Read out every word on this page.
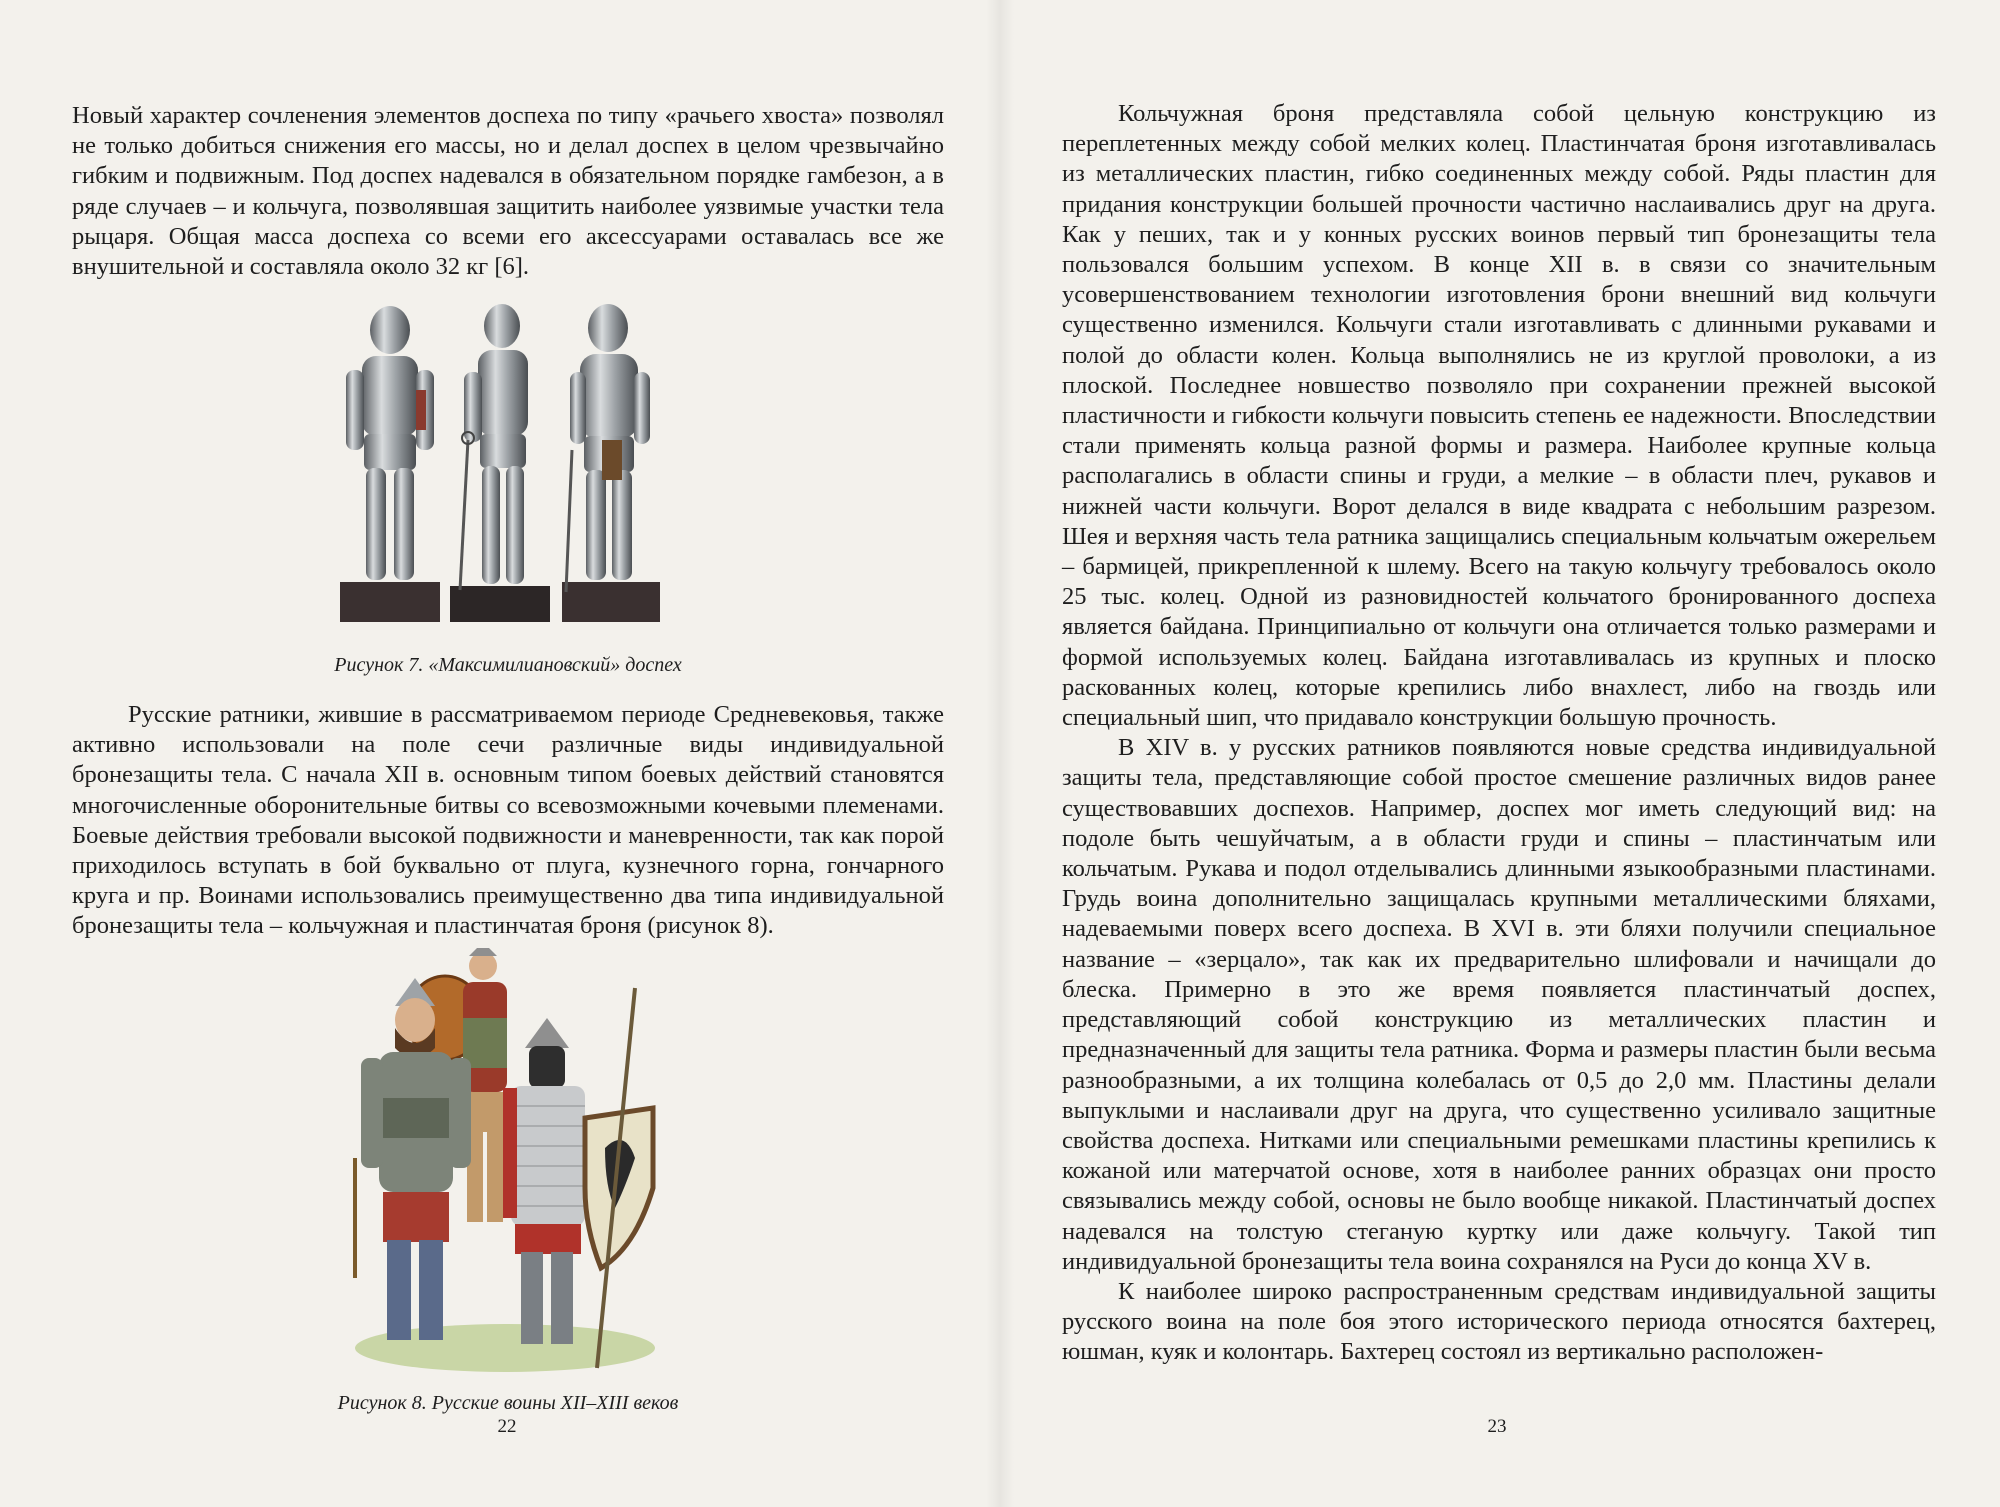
Новый характер сочленения элементов доспеха по типу «рачьего хвоста» позволял не только добиться снижения его массы, но и делал доспех в целом чрезвычайно гибким и подвижным. Под доспех надевался в обязательном порядке гамбезон, а в ряде случаев – и кольчуга, позволявшая защитить наиболее уязвимые участки тела рыцаря. Общая масса доспеха со всеми его аксессуарами оставалась все же внушительной и составляла около 32 кг [6].

Рисунок 7. «Максимилиановский» доспех

Русские ратники, жившие в рассматриваемом периоде Средневековья, также активно использовали на поле сечи различные виды индивидуальной бронезащиты тела. С начала XII в. основным типом боевых действий становятся многочисленные оборонительные битвы со всевозможными кочевыми племенами. Боевые действия требовали высокой подвижности и маневренности, так как порой приходилось вступать в бой буквально от плуга, кузнечного горна, гончарного круга и пр. Воинами использовались преимущественно два типа индивидуальной бронезащиты тела – кольчужная и пластинчатая броня (рисунок 8).

Рисунок 8. Русские воины XII–XIII веков

22

Кольчужная броня представляла собой цельную конструкцию из переплетенных между собой мелких колец. Пластинчатая броня изготавливалась из металлических пластин, гибко соединенных между собой. Ряды пластин для придания конструкции большей прочности частично наслаивались друг на друга. Как у пеших, так и у конных русских воинов первый тип бронезащиты тела пользовался большим успехом. В конце XII в. в связи со значительным усовершенствованием технологии изготовления брони внешний вид кольчуги существенно изменился. Кольчуги стали изготавливать с длинными рукавами и полой до области колен. Кольца выполнялись не из круглой проволоки, а из плоской. Последнее новшество позволяло при сохранении прежней высокой пластичности и гибкости кольчуги повысить степень ее надежности. Впоследствии стали применять кольца разной формы и размера. Наиболее крупные кольца располагались в области спины и груди, а мелкие – в области плеч, рукавов и нижней части кольчуги. Ворот делался в виде квадрата с небольшим разрезом. Шея и верхняя часть тела ратника защищались специальным кольчатым ожерельем – бармицей, прикрепленной к шлему. Всего на такую кольчугу требовалось около 25 тыс. колец. Одной из разновидностей кольчатого бронированного доспеха является байдана. Принципиально от кольчуги она отличается только размерами и формой используемых колец. Байдана изготавливалась из крупных и плоско раскованных колец, которые крепились либо внахлест, либо на гвоздь или специальный шип, что придавало конструкции большую прочность.

В XIV в. у русских ратников появляются новые средства индивидуальной защиты тела, представляющие собой простое смешение различных видов ранее существовавших доспехов. Например, доспех мог иметь следующий вид: на подоле быть чешуйчатым, а в области груди и спины – пластинчатым или кольчатым. Рукава и подол отделывались длинными языкообразными пластинами. Грудь воина дополнительно защищалась крупными металлическими бляхами, надеваемыми поверх всего доспеха. В XVI в. эти бляхи получили специальное название – «зерцало», так как их предварительно шлифовали и начищали до блеска. Примерно в это же время появляется пластинчатый доспех, представляющий собой конструкцию из металлических пластин и предназначенный для защиты тела ратника. Форма и размеры пластин были весьма разнообразными, а их толщина колебалась от 0,5 до 2,0 мм. Пластины делали выпуклыми и наслаивали друг на друга, что существенно усиливало защитные свойства доспеха. Нитками или специальными ремешками пластины крепились к кожаной или матерчатой основе, хотя в наиболее ранних образцах они просто связывались между собой, основы не было вообще никакой. Пластинчатый доспех надевался на толстую стеганую куртку или даже кольчугу. Такой тип индивидуальной бронезащиты тела воина сохранялся на Руси до конца XV в.

К наиболее широко распространенным средствам индивидуальной защиты русского воина на поле боя этого исторического периода относятся бахтерец, юшман, куяк и колонтарь. Бахтерец состоял из вертикально расположен-

23
